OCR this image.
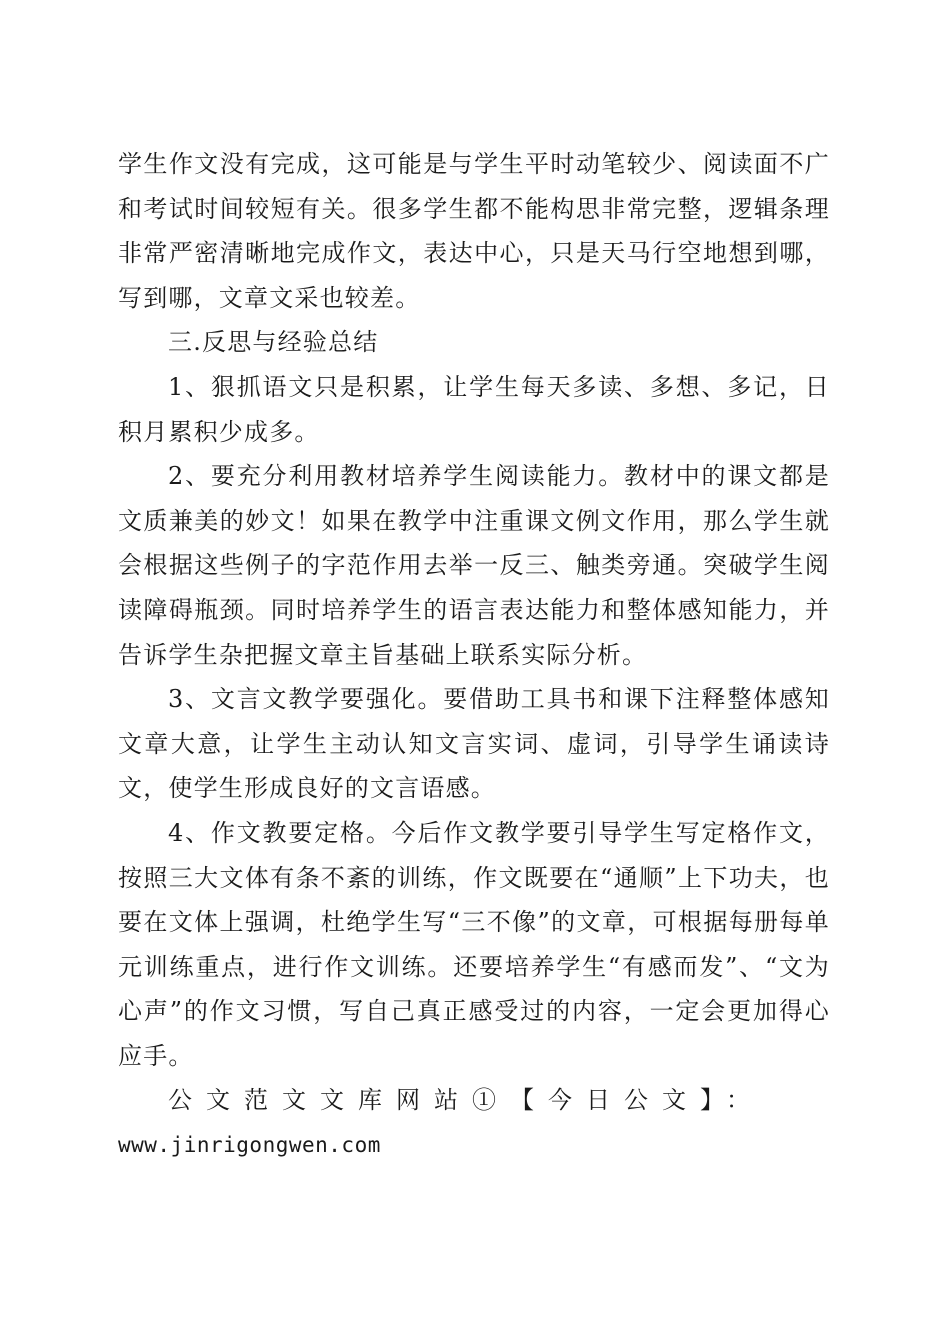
学生作文没有完成，这可能是与学生平时动笔较少、阅读面不广和考试时间较短有关。很多学生都不能构思非常完整，逻辑条理非常严密清晰地完成作文，表达中心，只是天马行空地想到哪，写到哪，文章文采也较差。

三.反思与经验总结

1、狠抓语文只是积累，让学生每天多读、多想、多记，日积月累积少成多。

2、要充分利用教材培养学生阅读能力。教材中的课文都是文质兼美的妙文！如果在教学中注重课文例文作用，那么学生就会根据这些例子的字范作用去举一反三、触类旁通。突破学生阅读障碍瓶颈。同时培养学生的语言表达能力和整体感知能力，并告诉学生杂把握文章主旨基础上联系实际分析。

3、文言文教学要强化。要借助工具书和课下注释整体感知文章大意，让学生主动认知文言实词、虚词，引导学生诵读诗文，使学生形成良好的文言语感。

4、作文教要定格。今后作文教学要引导学生写定格作文，按照三大文体有条不紊的训练，作文既要在“通顺”上下功夫，也要在文体上强调，杜绝学生写“三不像”的文章，可根据每册每单元训练重点，进行作文训练。还要培养学生“有感而发”、“文为心声”的作文习惯，写自己真正感受过的内容，一定会更加得心应手。

公文范文文库网站①【今日公文】：

www.jinrigongwen.com
